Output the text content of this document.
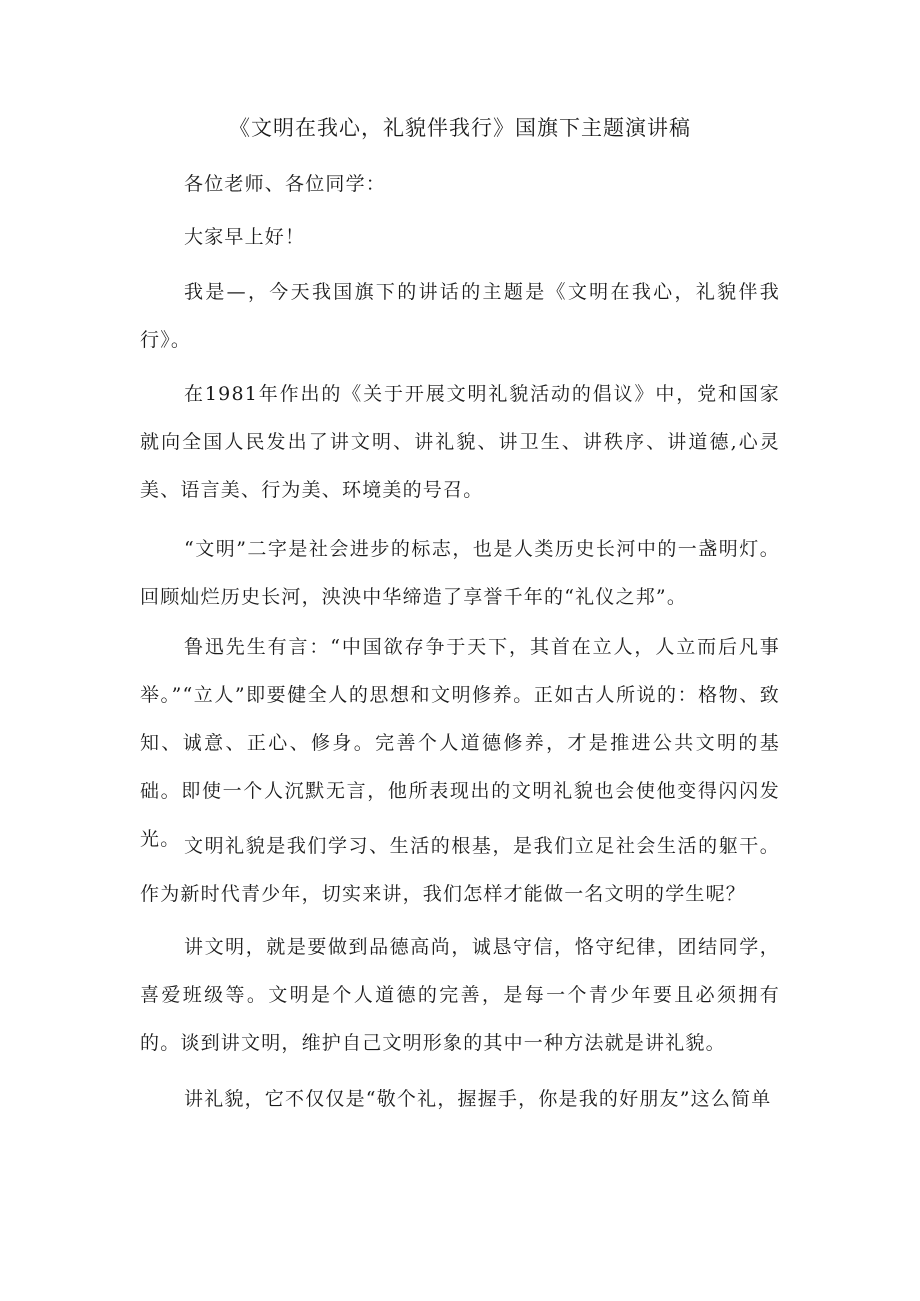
《文明在我心，礼貌伴我行》国旗下主题演讲稿

各位老师、各位同学：

大家早上好！

我是—，今天我国旗下的讲话的主题是《文明在我心，礼貌伴我行》。

在1981年作出的《关于开展文明礼貌活动的倡议》中，党和国家就向全国人民发出了讲文明、讲礼貌、讲卫生、讲秩序、讲道德,心灵美、语言美、行为美、环境美的号召。

“文明”二字是社会进步的标志，也是人类历史长河中的一盏明灯。回顾灿烂历史长河，泱泱中华缔造了享誉千年的“礼仪之邦”。

鲁迅先生有言：“中国欲存争于天下，其首在立人，人立而后凡事举。”“立人”即要健全人的思想和文明修养。正如古人所说的：格物、致知、诚意、正心、修身。完善个人道德修养，才是推进公共文明的基础。即使一个人沉默无言，他所表现出的文明礼貌也会使他变得闪闪发光。 文明礼貌是我们学习、生活的根基，是我们立足社会生活的躯干。作为新时代青少年，切实来讲，我们怎样才能做一名文明的学生呢？

讲文明，就是要做到品德高尚，诚恳守信，恪守纪律，团结同学，喜爱班级等。文明是个人道德的完善，是每一个青少年要且必须拥有的。谈到讲文明，维护自己文明形象的其中一种方法就是讲礼貌。

讲礼貌，它不仅仅是“敬个礼，握握手，你是我的好朋友”这么简单
